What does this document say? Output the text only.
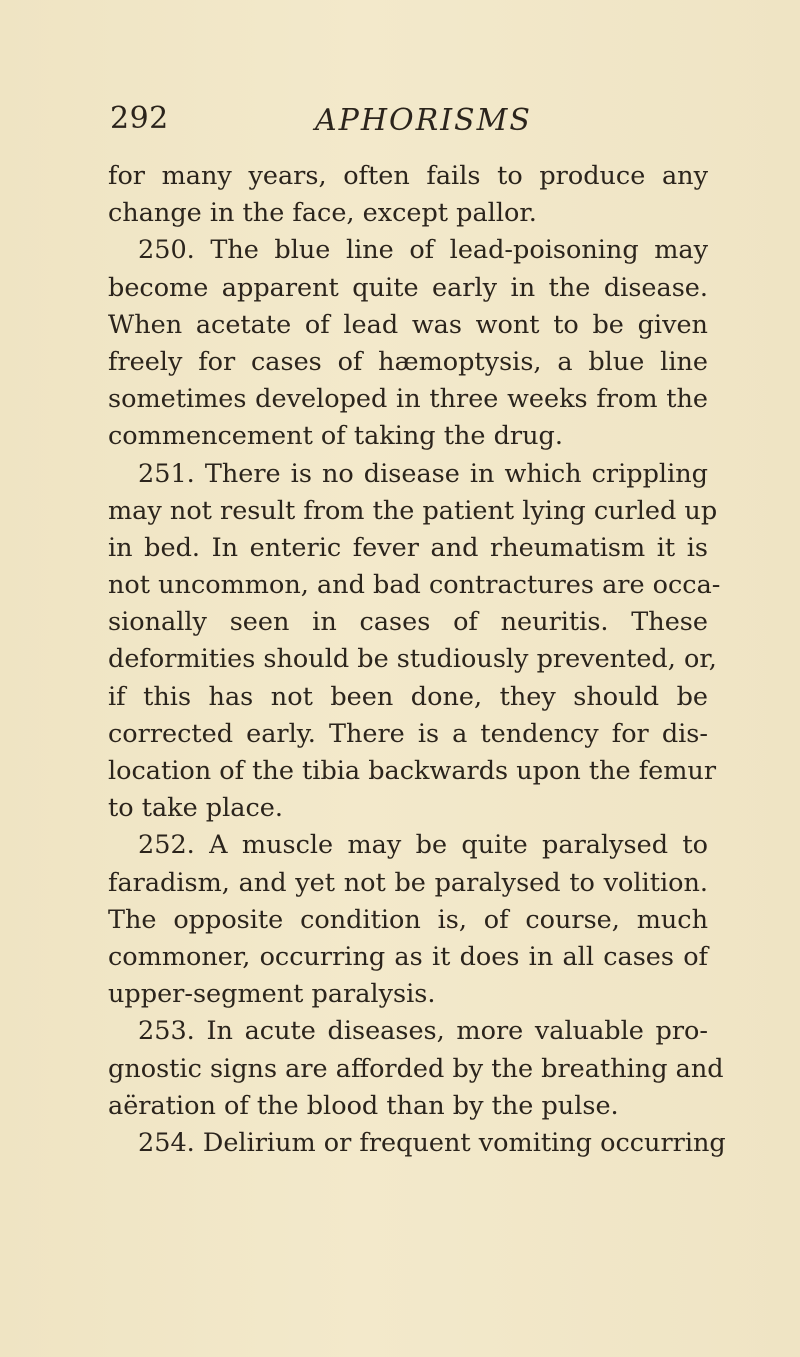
292	APHORISMS
for many years, often fails to produce any
change in the face, except pallor.
250. The blue line of lead-poisoning may
become apparent quite early in the disease.
When acetate of lead was wont to be given
freely for cases of hæmoptysis, a blue line
sometimes developed in three weeks from the
commencement of taking the drug.
251. There is no disease in which crippling
may not result from the patient lying curled up
in bed. In enteric fever and rheumatism it is
not uncommon, and bad contractures are occa-
sionally seen in cases of neuritis. These
deformities should be studiously prevented, or,
if this has not been done, they should be
corrected early. There is a tendency for dis-
location of the tibia backwards upon the femur
to take place.
252. A muscle may be quite paralysed to
faradism, and yet not be paralysed to volition.
The opposite condition is, of course, much
commoner, occurring as it does in all cases of
upper-segment paralysis.
253. In acute diseases, more valuable pro-
gnostic signs are afforded by the breathing and
aëration of the blood than by the pulse.
254. Delirium or frequent vomiting occurring
